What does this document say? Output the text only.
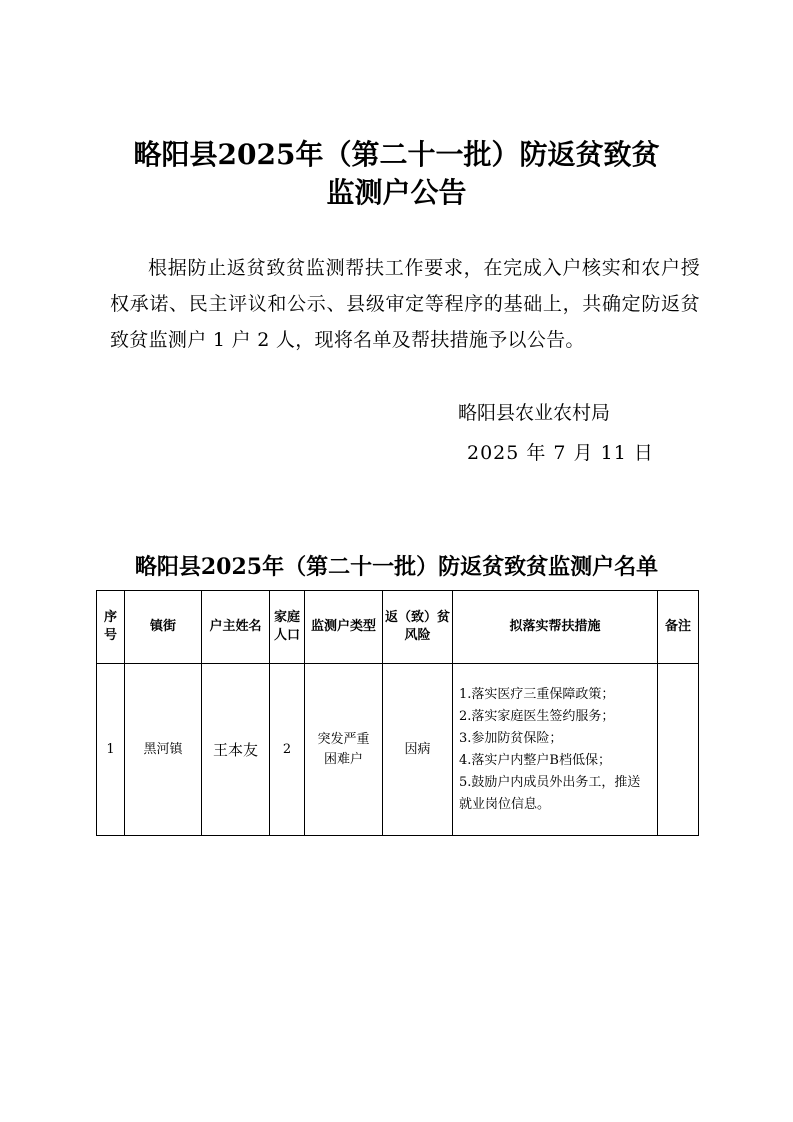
略阳县2025年（第二十一批）防返贫致贫
监测户公告
根据防止返贫致贫监测帮扶工作要求，在完成入户核实和农户授权承诺、民主评议和公示、县级审定等程序的基础上，共确定防返贫致贫监测户 1 户 2 人，现将名单及帮扶措施予以公告。
略阳县农业农村局
2025 年 7 月 11 日
略阳县2025年（第二十一批）防返贫致贫监测户名单
序号	镇街	户主姓名	家庭人口	监测户类型	返（致）贫风险	拟落实帮扶措施	备注
1	黑河镇	王本友	2	突发严重困难户	因病	1.落实医疗三重保障政策；
2.落实家庭医生签约服务；
3.参加防贫保险；
4.落实户内整户B档低保；
5.鼓励户内成员外出务工，推送就业岗位信息。	
